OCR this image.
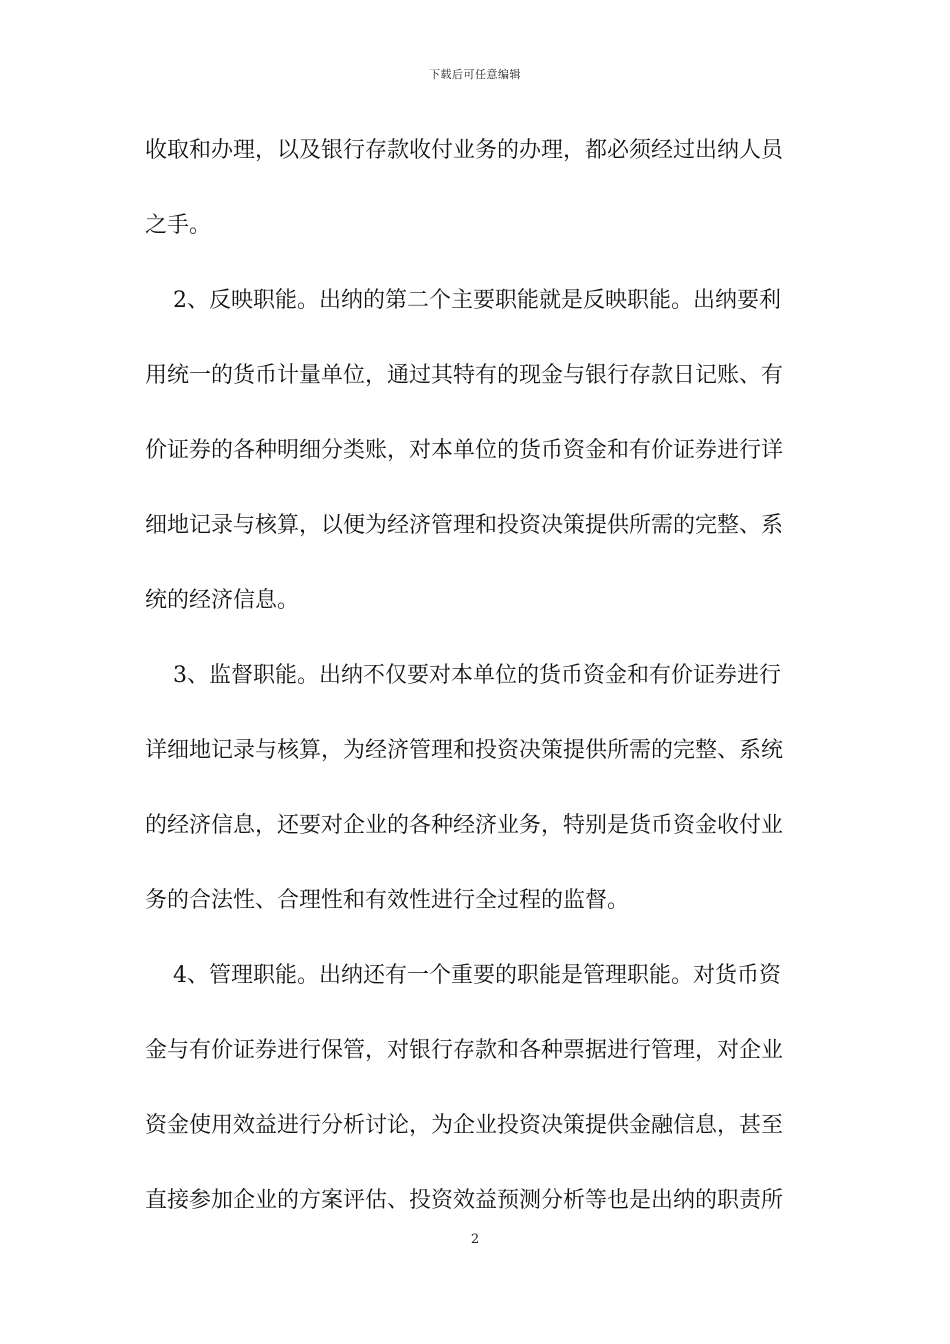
下载后可任意编辑
收取和办理，以及银行存款收付业务的办理，都必须经过出纳人员
之手。
2、反映职能。出纳的第二个主要职能就是反映职能。出纳要利
用统一的货币计量单位，通过其特有的现金与银行存款日记账、有
价证券的各种明细分类账，对本单位的货币资金和有价证券进行详
细地记录与核算，以便为经济管理和投资决策提供所需的完整、系
统的经济信息。
3、监督职能。出纳不仅要对本单位的货币资金和有价证券进行
详细地记录与核算，为经济管理和投资决策提供所需的完整、系统
的经济信息，还要对企业的各种经济业务，特别是货币资金收付业
务的合法性、合理性和有效性进行全过程的监督。
4、管理职能。出纳还有一个重要的职能是管理职能。对货币资
金与有价证券进行保管，对银行存款和各种票据进行管理，对企业
资金使用效益进行分析讨论，为企业投资决策提供金融信息，甚至
直接参加企业的方案评估、投资效益预测分析等也是出纳的职责所
2
